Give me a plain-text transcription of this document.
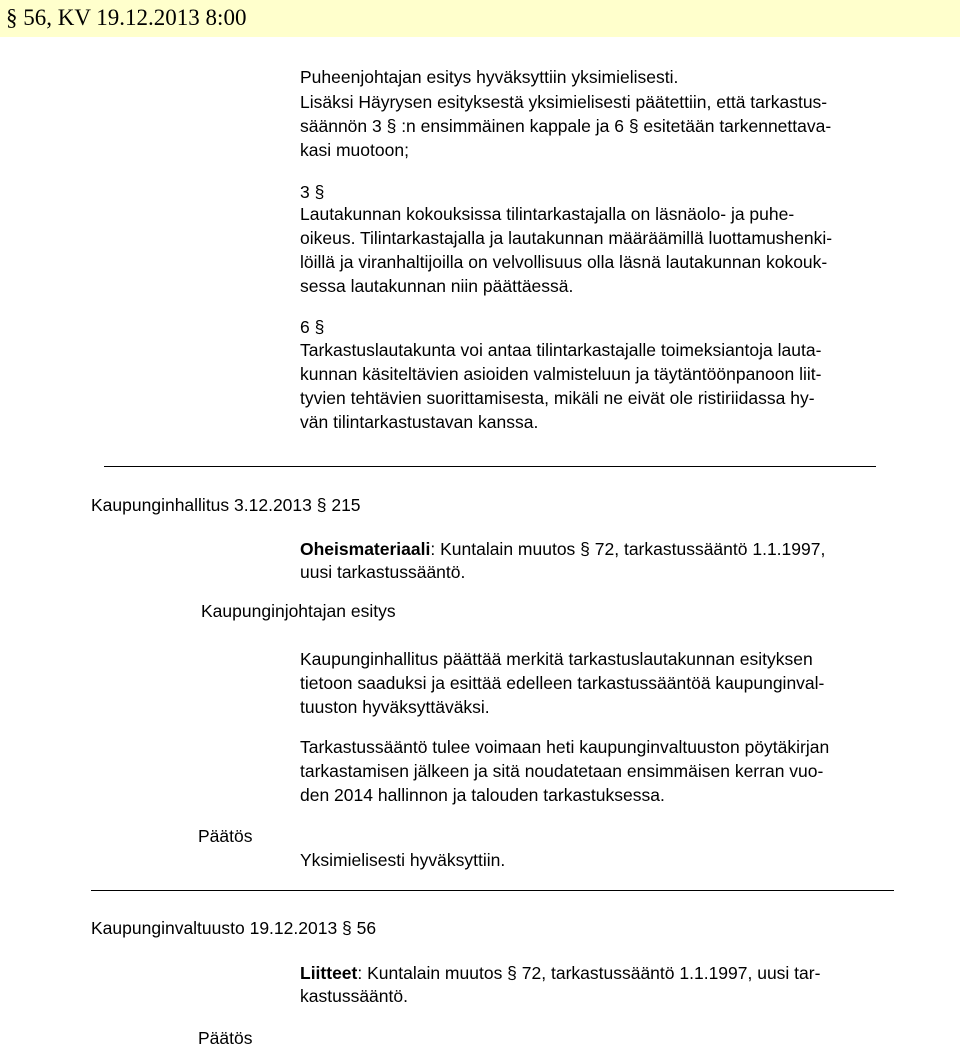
§ 56, KV 19.12.2013 8:00
Puheenjohtajan esitys hyväksyttiin yksimielisesti.
Lisäksi Häyrysen esityksestä yksimielisesti päätettiin, että tarkastus-
säännön 3 § :n ensimmäinen kappale ja 6 § esitetään tarkennettava-
kasi muotoon;
3 §
Lautakunnan kokouksissa tilintarkastajalla on läsnäolo- ja puhe-
oikeus. Tilintarkastajalla ja lautakunnan määräämillä luottamushenki-
löillä ja viranhaltijoilla on velvollisuus olla läsnä lautakunnan kokouk-
sessa lautakunnan niin päättäessä.
6 §
Tarkastuslautakunta voi antaa tilintarkastajalle toimeksiantoja lauta-
kunnan käsiteltävien asioiden valmisteluun ja täytäntöönpanoon liit-
tyvien tehtävien suorittamisesta, mikäli ne eivät ole ristiriidassa hy-
vän tilintarkastustavan kanssa.
Kaupunginhallitus 3.12.2013 § 215
Oheismateriaali: Kuntalain muutos § 72, tarkastussääntö 1.1.1997,
uusi tarkastussääntö.
Kaupunginjohtajan esitys
Kaupunginhallitus päättää merkitä tarkastuslautakunnan esityksen
tietoon saaduksi ja esittää edelleen tarkastussääntöä kaupunginval-
tuuston hyväksyttäväksi.
Tarkastussääntö tulee voimaan heti kaupunginvaltuuston pöytäkirjan
tarkastamisen jälkeen ja sitä noudatetaan ensimmäisen kerran vuo-
den 2014 hallinnon ja talouden tarkastuksessa.
Päätös
Yksimielisesti hyväksyttiin.
Kaupunginvaltuusto 19.12.2013 § 56
Liitteet: Kuntalain muutos § 72, tarkastussääntö 1.1.1997, uusi tar-
kastussääntö.
Päätös
